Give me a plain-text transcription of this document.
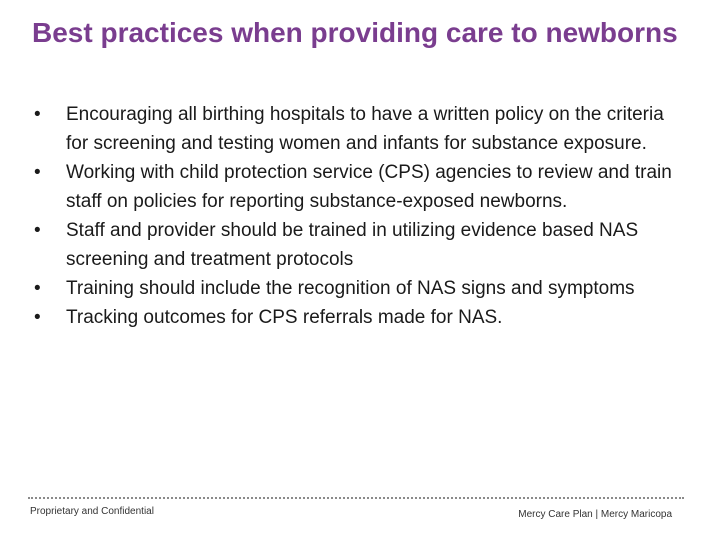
Best practices when providing care to newborns
• Encouraging all birthing hospitals to have a written policy on the criteria for screening and testing women and infants for substance exposure.
• Working with child protection service (CPS) agencies to review and train staff on policies for reporting substance-exposed newborns.
• Staff and provider should be trained in utilizing evidence based NAS screening and treatment protocols
• Training should include the recognition of NAS signs and symptoms
• Tracking outcomes for CPS referrals made for NAS.
Proprietary and Confidential	Mercy Care Plan | Mercy Maricopa
